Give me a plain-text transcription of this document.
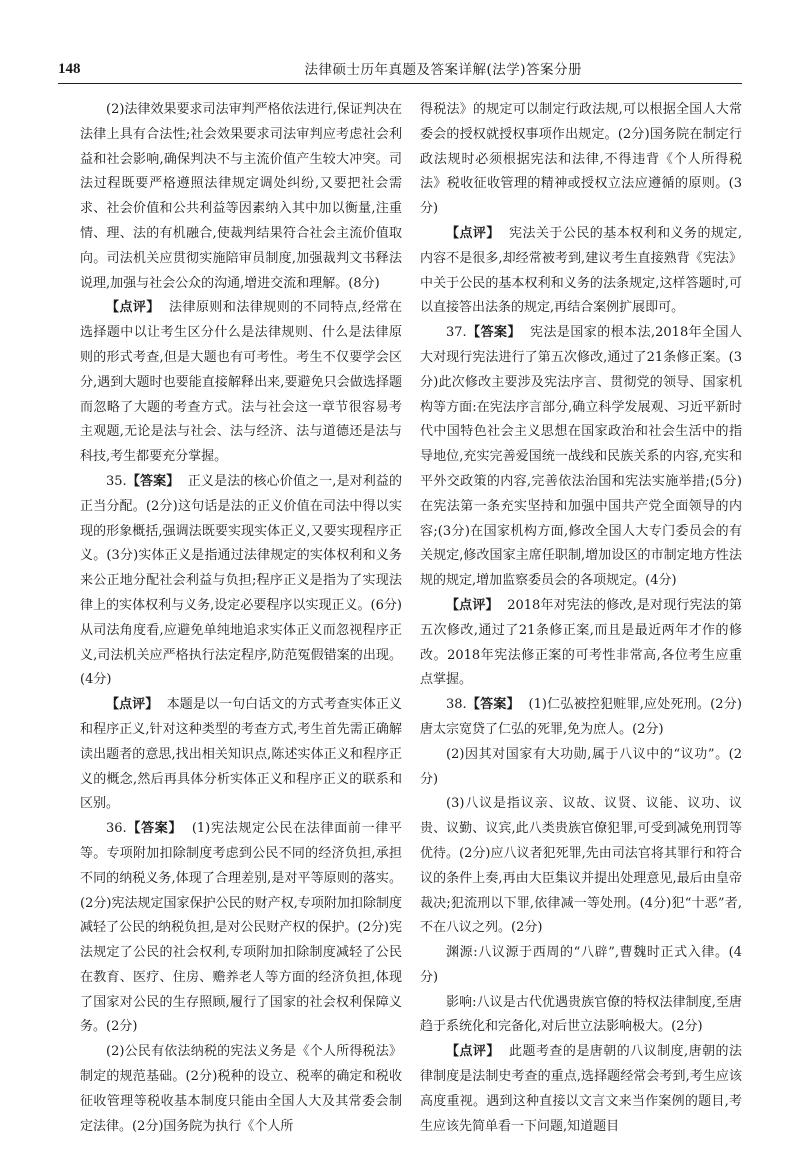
148	法律硕士历年真题及答案详解(法学)答案分册

(2)法律效果要求司法审判严格依法进行,保证判决在法律上具有合法性;社会效果要求司法审判应考虑社会利益和社会影响,确保判决不与主流价值产生较大冲突。司法过程既要严格遵照法律规定调处纠纷,又要把社会需求、社会价值和公共利益等因素纳入其中加以衡量,注重情、理、法的有机融合,使裁判结果符合社会主流价值取向。司法机关应贯彻实施陪审员制度,加强裁判文书释法说理,加强与社会公众的沟通,增进交流和理解。(8分)

【点评】 法律原则和法律规则的不同特点,经常在选择题中以让考生区分什么是法律规则、什么是法律原则的形式考查,但是大题也有可考性。考生不仅要学会区分,遇到大题时也要能直接解释出来,要避免只会做选择题而忽略了大题的考查方式。法与社会这一章节很容易考主观题,无论是法与社会、法与经济、法与道德还是法与科技,考生都要充分掌握。

35.【答案】 正义是法的核心价值之一,是对利益的正当分配。(2分)这句话是法的正义价值在司法中得以实现的形象概括,强调法既要实现实体正义,又要实现程序正义。(3分)实体正义是指通过法律规定的实体权利和义务来公正地分配社会利益与负担;程序正义是指为了实现法律上的实体权利与义务,设定必要程序以实现正义。(6分)从司法角度看,应避免单纯地追求实体正义而忽视程序正义,司法机关应严格执行法定程序,防范冤假错案的出现。(4分)

【点评】 本题是以一句白话文的方式考查实体正义和程序正义,针对这种类型的考查方式,考生首先需正确解读出题者的意思,找出相关知识点,陈述实体正义和程序正义的概念,然后再具体分析实体正义和程序正义的联系和区别。

36.【答案】 (1)宪法规定公民在法律面前一律平等。专项附加扣除制度考虑到公民不同的经济负担,承担不同的纳税义务,体现了合理差别,是对平等原则的落实。(2分)宪法规定国家保护公民的财产权,专项附加扣除制度减轻了公民的纳税负担,是对公民财产权的保护。(2分)宪法规定了公民的社会权利,专项附加扣除制度减轻了公民在教育、医疗、住房、赡养老人等方面的经济负担,体现了国家对公民的生存照顾,履行了国家的社会权利保障义务。(2分)

(2)公民有依法纳税的宪法义务是《个人所得税法》制定的规范基础。(2分)税种的设立、税率的确定和税收征收管理等税收基本制度只能由全国人大及其常委会制定法律。(2分)国务院为执行《个人所

得税法》的规定可以制定行政法规,可以根据全国人大常委会的授权就授权事项作出规定。(2分)国务院在制定行政法规时必须根据宪法和法律,不得违背《个人所得税法》税收征收管理的精神或授权立法应遵循的原则。(3分)

【点评】 宪法关于公民的基本权利和义务的规定,内容不是很多,却经常被考到,建议考生直接熟背《宪法》中关于公民的基本权利和义务的法条规定,这样答题时,可以直接答出法条的规定,再结合案例扩展即可。

37.【答案】 宪法是国家的根本法,2018年全国人大对现行宪法进行了第五次修改,通过了21条修正案。(3分)此次修改主要涉及宪法序言、贯彻党的领导、国家机构等方面:在宪法序言部分,确立科学发展观、习近平新时代中国特色社会主义思想在国家政治和社会生活中的指导地位,充实完善爱国统一战线和民族关系的内容,充实和平外交政策的内容,完善依法治国和宪法实施举措;(5分)在宪法第一条充实坚持和加强中国共产党全面领导的内容;(3分)在国家机构方面,修改全国人大专门委员会的有关规定,修改国家主席任职制,增加设区的市制定地方性法规的规定,增加监察委员会的各项规定。(4分)

【点评】 2018年对宪法的修改,是对现行宪法的第五次修改,通过了21条修正案,而且是最近两年才作的修改。2018年宪法修正案的可考性非常高,各位考生应重点掌握。

38.【答案】 (1)仁弘被控犯赃罪,应处死刑。(2分)唐太宗宽贷了仁弘的死罪,免为庶人。(2分)

(2)因其对国家有大功勋,属于八议中的“议功”。(2分)

(3)八议是指议亲、议故、议贤、议能、议功、议贵、议勤、议宾,此八类贵族官僚犯罪,可受到减免刑罚等优待。(2分)应八议者犯死罪,先由司法官将其罪行和符合议的条件上奏,再由大臣集议并提出处理意见,最后由皇帝裁决;犯流刑以下罪,依律减一等处刑。(4分)犯“十恶”者,不在八议之列。(2分)

渊源:八议源于西周的“八辟”,曹魏时正式入律。(4分)

影响:八议是古代优遇贵族官僚的特权法律制度,至唐趋于系统化和完备化,对后世立法影响极大。(2分)

【点评】 此题考查的是唐朝的八议制度,唐朝的法律制度是法制史考查的重点,选择题经常会考到,考生应该高度重视。遇到这种直接以文言文来当作案例的题目,考生应该先简单看一下问题,知道题目
